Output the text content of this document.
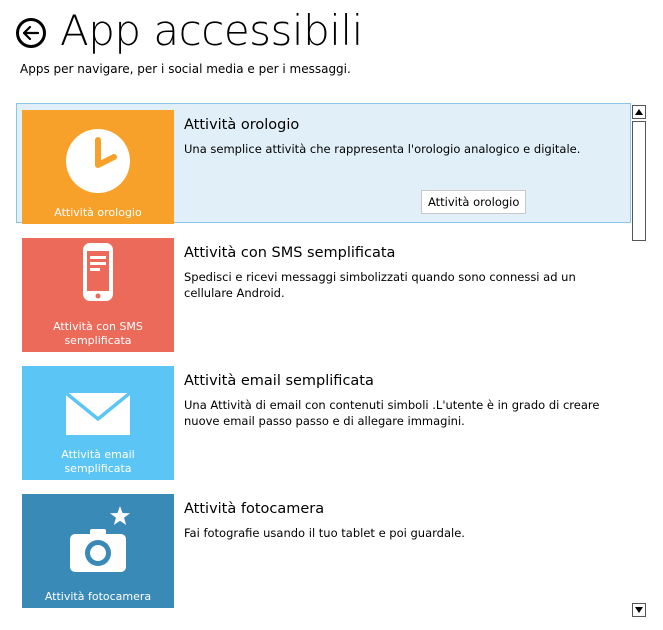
App accessibili
Apps per navigare, per i social media e per i messaggi.
Attività orologio
Attività orologio
Una semplice attività che rappresenta l'orologio analogico e digitale.
Attività orologio
Attività con SMS semplificata
Attività con SMS semplificata
Spedisci e ricevi messaggi simbolizzati quando sono connessi ad un cellulare Android.
Attività email semplificata
Attività email semplificata
Una Attività di email con contenuti simboli .L'utente è in grado di creare nuove email passo passo e di allegare immagini.
Attività fotocamera
Attività fotocamera
Fai fotografie usando il tuo tablet e poi guardale.
